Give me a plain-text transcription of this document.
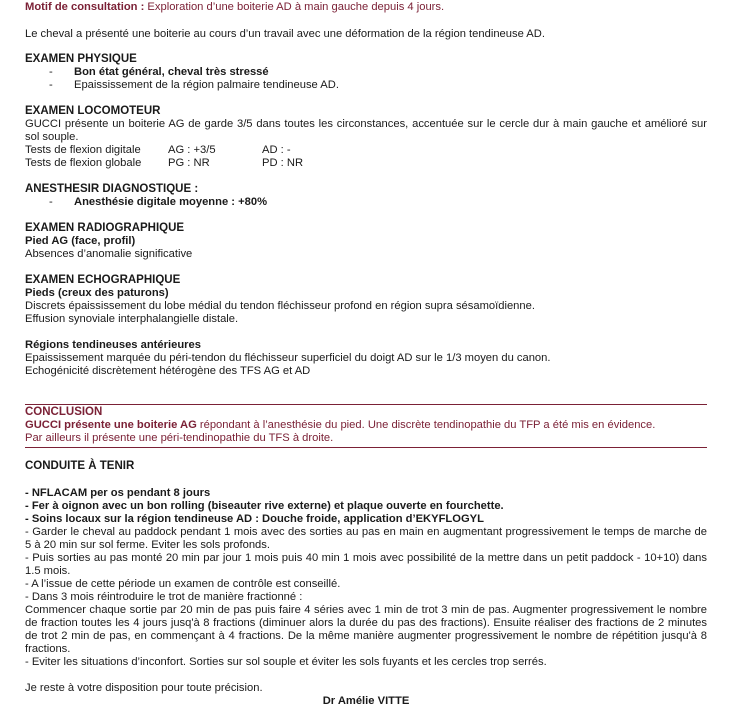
Motif de consultation : Exploration d’une boiterie AD à main gauche depuis 4 jours.
Le cheval a présenté une boiterie au cours d’un travail avec une déformation de la région tendineuse AD.
EXAMEN PHYSIQUE
- Bon état général, cheval très stressé
- Epaississement de la région palmaire tendineuse AD.
EXAMEN LOCOMOTEUR
GUCCI présente un boiterie AG de garde 3/5 dans toutes les circonstances, accentuée sur le cercle dur à main gauche et amélioré sur sol souple.
Tests de flexion digitale AG : +3/5	AD : -
Tests de flexion globale PG : NR	PD : NR
ANESTHESIR DIAGNOSTIQUE :
- Anesthésie digitale moyenne : +80%
EXAMEN RADIOGRAPHIQUE
Pied AG (face, profil)
Absences d’anomalie significative
EXAMEN ECHOGRAPHIQUE
Pieds (creux des paturons)
Discrets épaississement du lobe médial du tendon fléchisseur profond en région supra sésamoïdienne.
Effusion synoviale interphalangielle distale.
Régions tendineuses antérieures
Epaississement marquée du péri-tendon du fléchisseur superficiel du doigt AD sur le 1/3 moyen du canon.
Echogénicité discrètement hétérogène des TFS AG et AD
CONCLUSION
GUCCI présente une boiterie AG répondant à l’anesthésie du pied. Une discrète tendinopathie du TFP a été mis en évidence.
Par ailleurs il présente une péri-tendinopathie du TFS à droite.
CONDUITE À TENIR
- NFLACAM per os pendant 8 jours
- Fer à oignon avec un bon rolling (biseauter rive externe) et plaque ouverte en fourchette.
- Soins locaux sur la région tendineuse AD : Douche froide, application d’EKYFLOGYL
- Garder le cheval au paddock pendant 1 mois avec des sorties au pas en main en augmentant progressivement le temps de marche de 5 à 20 min sur sol ferme. Eviter les sols profonds.
- Puis sorties au pas monté 20 min par jour 1 mois puis 40 min 1 mois avec possibilité de la mettre dans un petit paddock - 10+10) dans 1.5 mois.
- A l’issue de cette période un examen de contrôle est conseillé.
- Dans 3 mois réintroduire le trot de manière fractionné :
Commencer chaque sortie par 20 min de pas puis faire 4 séries avec 1 min de trot 3 min de pas. Augmenter progressivement le nombre de fraction toutes les 4 jours jusq'à 8 fractions (diminuer alors la durée du pas des fractions). Ensuite réaliser des fractions de 2 minutes de trot 2 min de pas, en commençant à 4 fractions. De la même manière augmenter progressivement le nombre de répétition jusqu'à 8 fractions.
- Eviter les situations d’inconfort. Sorties sur sol souple et éviter les sols fuyants et les cercles trop serrés.
Je reste à votre disposition pour toute précision.
Dr Amélie VITTE
